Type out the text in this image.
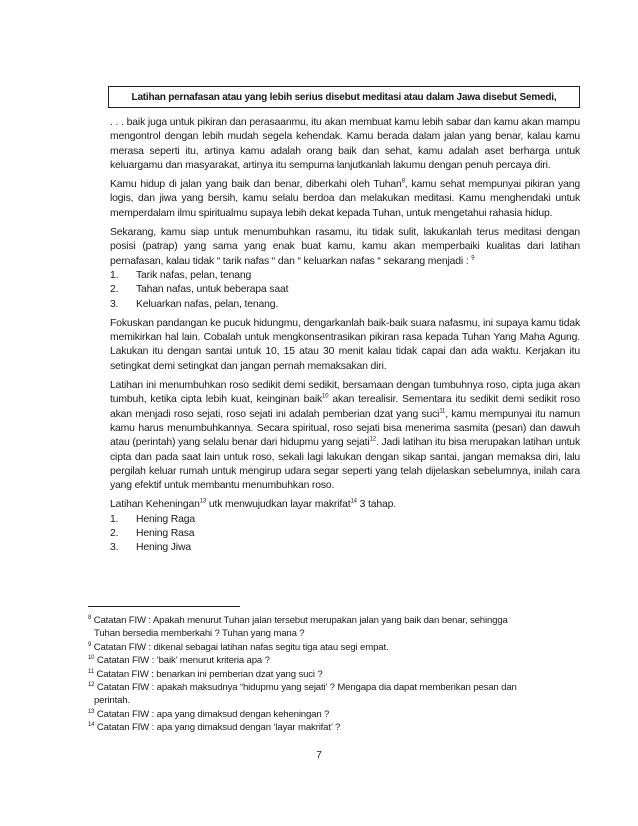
Latihan pernafasan atau yang lebih serius disebut meditasi atau dalam Jawa disebut Semedi,

. . . baik juga untuk pikiran dan perasaanmu, itu akan membuat kamu lebih sabar dan kamu akan mampu mengontrol dengan lebih mudah segela kehendak. Kamu berada dalam jalan yang benar, kalau kamu merasa seperti itu, artinya kamu adalah orang baik dan sehat, kamu adalah aset berharga untuk keluargamu dan masyarakat, artinya itu sempurna lanjutkanlah lakumu dengan penuh percaya diri.

Kamu hidup di jalan yang baik dan benar, diberkahi oleh Tuhan$^8$, kamu sehat mempunyai pikiran yang logis, dan jiwa yang bersih, kamu selalu berdoa dan melakukan meditasi. Kamu menghendaki untuk memperdalam ilmu spiritualmu supaya lebih dekat kepada Tuhan, untuk mengetahui rahasia hidup.

Sekarang, kamu siap untuk menumbuhkan rasamu, itu tidak sulit, lakukanlah terus meditasi dengan posisi (patrap) yang sama yang enak buat kamu, kamu akan memperbaiki kualitas dari latihan pernafasan, kalau tidak “ tarik nafas “ dan “ keluarkan nafas “ sekarang menjadi : $^9$

1.	Tarik nafas, pelan, tenang
2.	Tahan nafas, untuk beberapa saat
3.	Keluarkan nafas, pelan, tenang.

Fokuskan pandangan ke pucuk hidungmu, dengarkanlah baik-baik suara nafasmu, ini supaya kamu tidak memikirkan hal lain. Cobalah untuk mengkonsentrasikan pikiran rasa kepada Tuhan Yang Maha Agung. Lakukan itu dengan santai untuk 10, 15 atau 30 menit kalau tidak capai dan ada waktu. Kerjakan itu setingkat demi setingkat dan jangan pernah memaksakan diri.

Latihan ini menumbuhkan roso sedikit demi sedikit, bersamaan dengan tumbuhnya roso, cipta juga akan tumbuh, ketika cipta lebih kuat, keinginan baik$^{10}$ akan terealisir. Sementara itu sedikit demi sedikit roso akan menjadi roso sejati, roso sejati ini adalah pemberian dzat yang suci$^{11}$, kamu mempunyai itu namun kamu harus menumbuhkannya. Secara spiritual, roso sejati bisa menerima sasmita (pesan) dan dawuh atau (perintah) yang selalu benar dari hidupmu yang sejati$^{12}$. Jadi latihan itu bisa merupakan latihan untuk cipta dan pada saat lain untuk roso, sekali lagi lakukan dengan sikap santai, jangan memaksa diri, lalu pergilah keluar rumah untuk mengirup udara segar seperti yang telah dijelaskan sebelumnya, inilah cara yang efektif untuk membantu menumbuhkan roso.

Latihan Keheningan$^{13}$ utk menwujudkan layar makrifat$^{14}$ 3 tahap.

1.	Hening Raga
2.	Hening Rasa
3.	Hening Jiwa
$^8$ Catatan FIW : Apakah menurut Tuhan jalan tersebut merupakan jalan yang baik dan benar, sehingga
Tuhan bersedia memberkahi ? Tuhan yang mana ?
$^9$ Catatan FIW : dikenal sebagai latihan nafas segitu tiga atau segi empat.
$^{10}$ Catatan FIW : ‘baik’ menurut kriteria apa ?
$^{11}$ Catatan FIW : benarkan ini pemberian dzat yang suci ?
$^{12}$ Catatan FIW : apakah maksudnya “hidupmu yang sejati’ ? Mengapa dia dapat memberikan pesan dan
perintah.
$^{13}$ Catatan FIW : apa yang dimaksud dengan keheningan ?
$^{14}$ Catatan FIW : apa yang dimaksud dengan ‘layar makrifat’ ?
7
